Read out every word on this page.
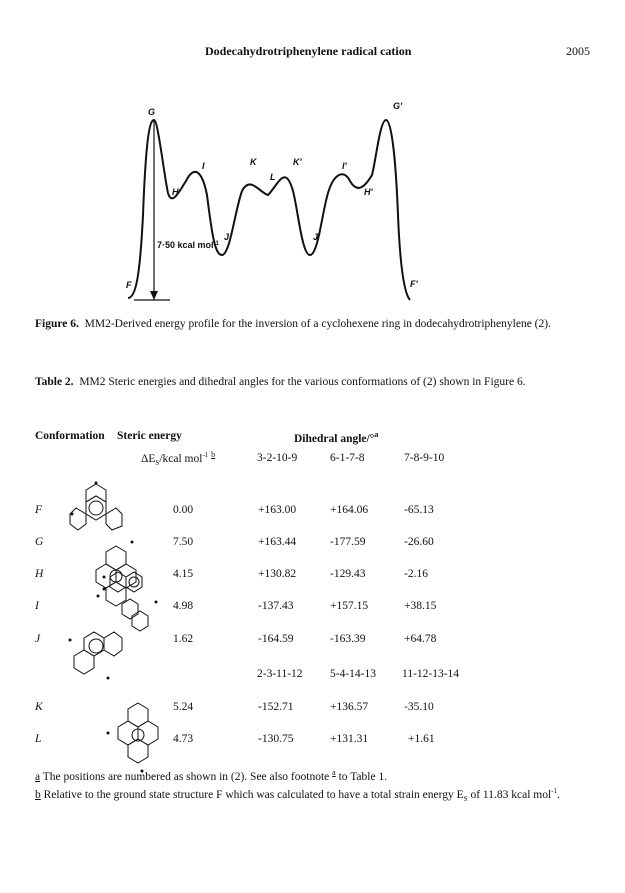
Dodecahydrotriphenylene radical cation	2005
G
G'
H
I	K
L
K'	I'
H'
J	J'
F	F'
7·50 kcal mol$^{-1}$
Figure 6. MM2-Derived energy profile for the inversion of a cyclohexene ring in dodecahydrotriphenylene (2).
Table 2. MM2 Steric energies and dihedral angles for the various conformations of (2) shown in Figure 6.
Conformation Steric energy	Dihedral angle/°$^a$
$\Delta E_S$/kcal mol$^{-1}$ $^b$	3-2-10-9	6-1-7-8	7-8-9-10
F	0.00	+163.00	+164.06	-65.13
G	7.50	+163.44	-177.59	-26.60
H	4.15	+130.82	-129.43	-2.16
I	4.98	-137.43	+157.15	+38.15
J	1.62	-164.59	-163.39	+64.78
2-3-11-12 5-4-14-13 11-12-13-14
K	5.24	-152.71	+136.57	-35.10
L	4.73	-130.75	+131.31	+1.61
a The positions are numbered as shown in (2). See also footnote $^a$ to Table 1.
b Relative to the ground state structure F which was calculated to have a total strain energy $E_S$ of 11.83 kcal mol$^{-1}$.
